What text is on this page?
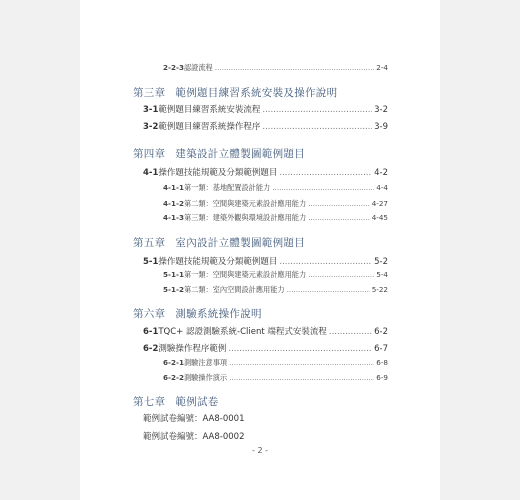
2-2-3 認證流程 .....	2-4
第三章 範例題目練習系統安裝及操作說明
3-1 範例題目練習系統安裝流程 .....	3-2
3-2 範例題目練習系統操作程序 .....	3-9
第四章 建築設計立體製圖範例題目
4-1 操作題技能規範及分類範例題目 .....	4-2
4-1-1 第一類：基地配置設計能力 .....	4-4
4-1-2 第二類：空間與建築元素設計應用能力 .....	4-27
4-1-3 第三類：建築外觀與環境設計應用能力 .....	4-45
第五章 室內設計立體製圖範例題目
5-1 操作題技能規範及分類範例題目 .....	5-2
5-1-1 第一類：空間與建築元素設計應用能力 .....	5-4
5-1-2 第二類：室內空間設計應用能力 .....	5-22
第六章 測驗系統操作說明
6-1 TQC+ 認證測驗系統-Client 端程式安裝流程 .....	6-2
6-2 測驗操作程序範例 .....	6-7
6-2-1 測驗注意事項 .....	6-8
6-2-2 測驗操作演示 .....	6-9
第七章 範例試卷
範例試卷編號：AA8-0001
範例試卷編號：AA8-0002
- 2 -
